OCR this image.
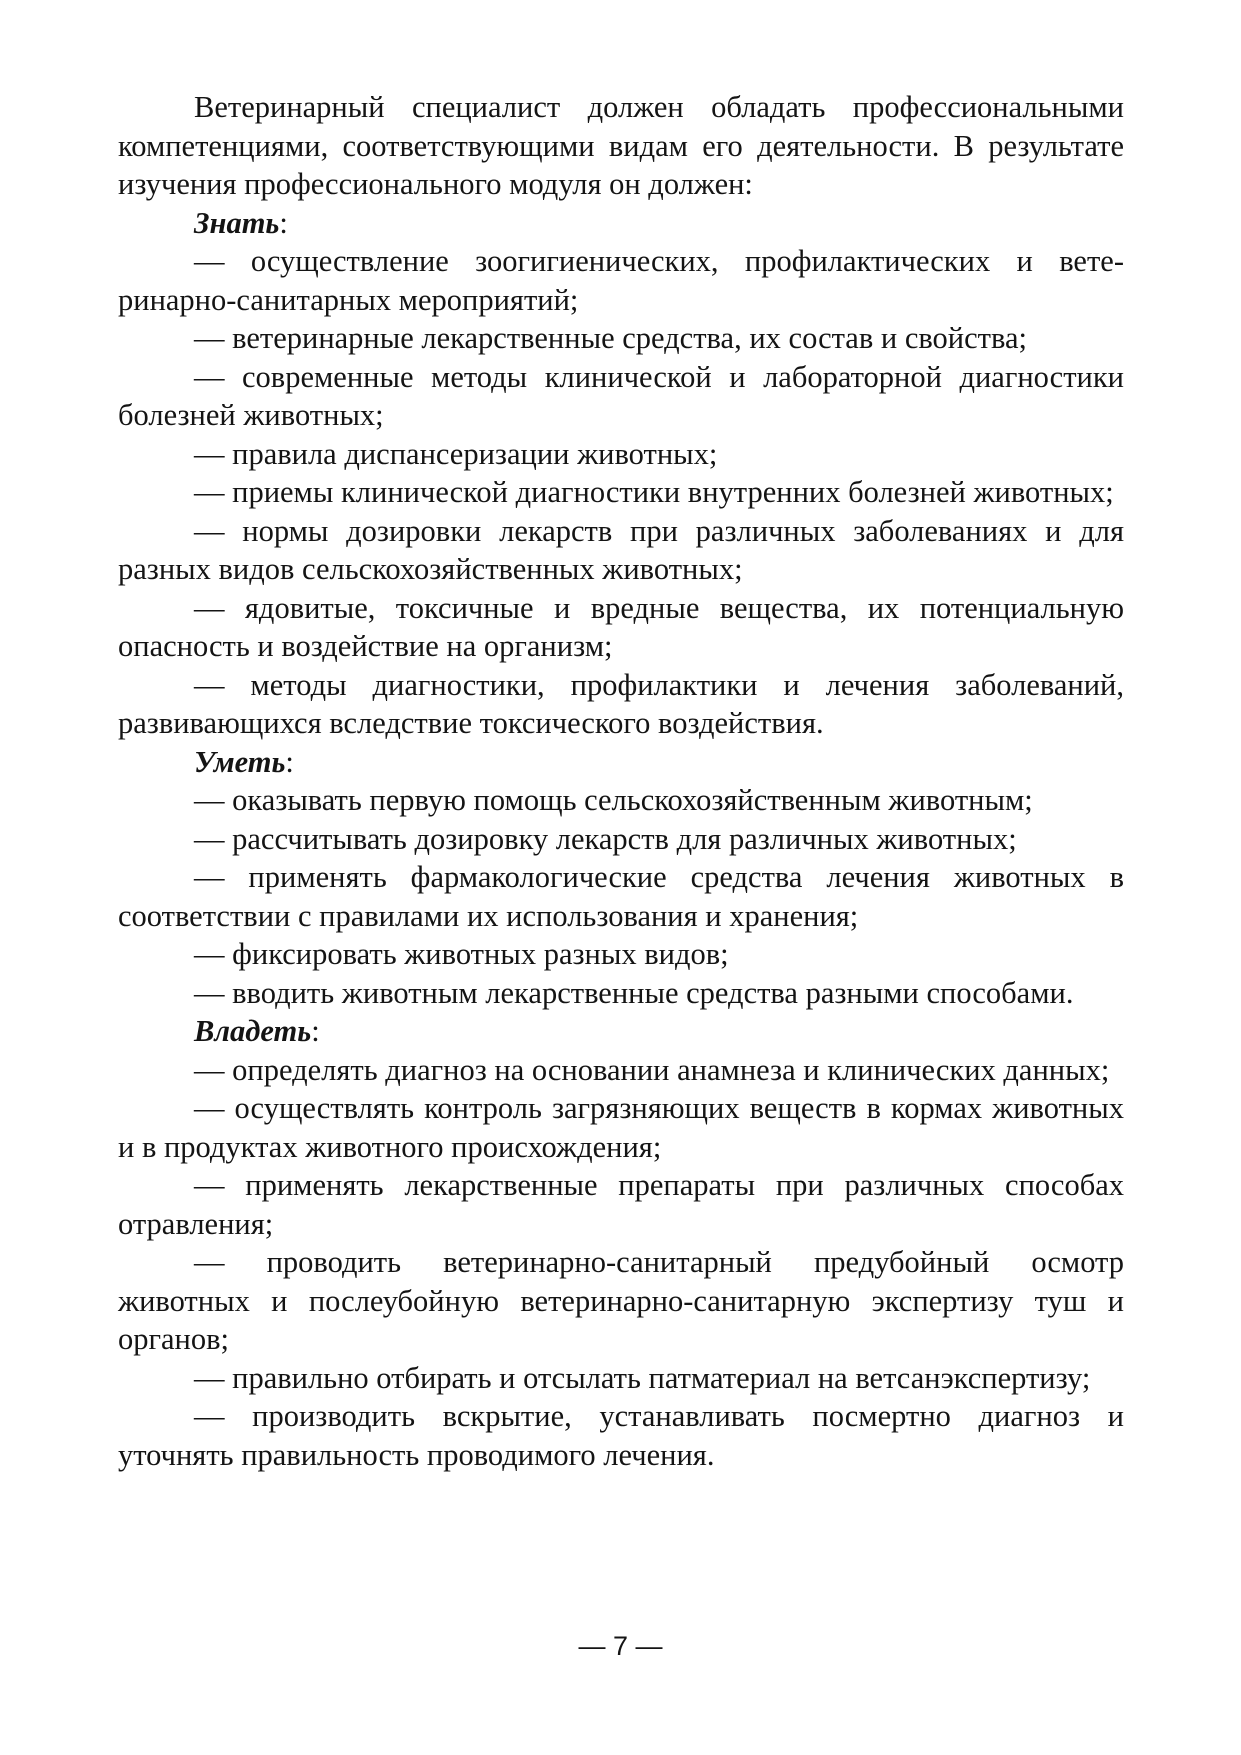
Ветеринарный специалист должен обладать профессиональными компетенциями, соответствующими видам его деятельности. В результате изучения профессионального модуля он должен:

Знать:

— осуществление зоогигиенических, профилактических и ветеринарно-санитарных мероприятий;

— ветеринарные лекарственные средства, их состав и свойства;

— современные методы клинической и лабораторной диагностики болезней животных;

— правила диспансеризации животных;

— приемы клинической диагностики внутренних болезней животных;

— нормы дозировки лекарств при различных заболеваниях и для разных видов сельскохозяйственных животных;

— ядовитые, токсичные и вредные вещества, их потенциальную опасность и воздействие на организм;

— методы диагностики, профилактики и лечения заболеваний, развивающихся вследствие токсического воздействия.

Уметь:

— оказывать первую помощь сельскохозяйственным животным;

— рассчитывать дозировку лекарств для различных животных;

— применять фармакологические средства лечения животных в соответствии с правилами их использования и хранения;

— фиксировать животных разных видов;

— вводить животным лекарственные средства разными способами.

Владеть:

— определять диагноз на основании анамнеза и клинических данных;

— осуществлять контроль загрязняющих веществ в кормах животных и в продуктах животного происхождения;

— применять лекарственные препараты при различных способах отравления;

— проводить ветеринарно-санитарный предубойный осмотр животных и послеубойную ветеринарно-санитарную экспертизу туш и органов;

— правильно отбирать и отсылать патматериал на ветсанэкспертизу;

— производить вскрытие, устанавливать посмертно диагноз и уточнять правильность проводимого лечения.

— 7 —
